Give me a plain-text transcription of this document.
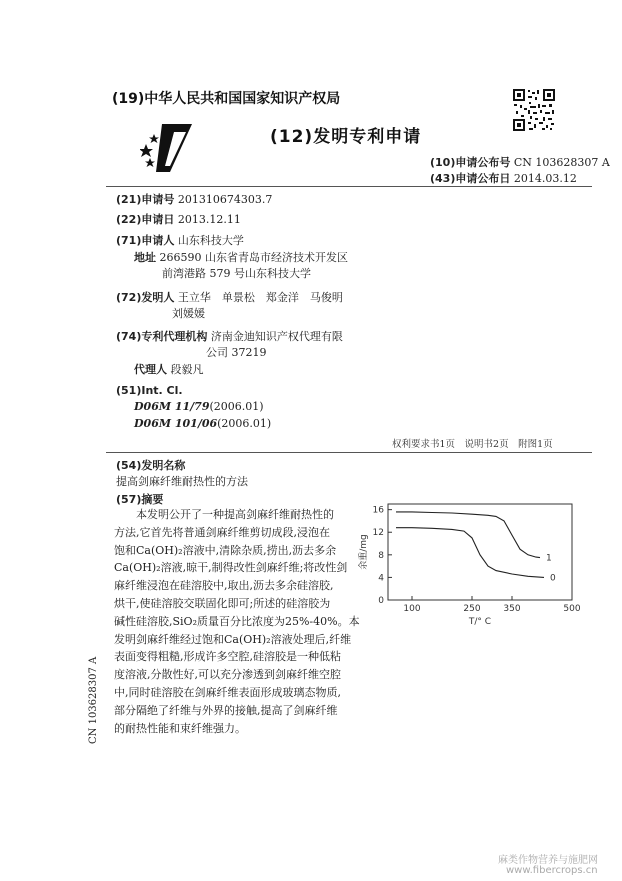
(19)中华人民共和国国家知识产权局
(12)发明专利申请
(10)申请公布号 CN 103628307 A
(43)申请公布日 2014.03.12
(21)申请号 201310674303.7
(22)申请日 2013.12.11
(71)申请人 山东科技大学
地址 266590 山东省青岛市经济技术开发区
前湾港路 579 号山东科技大学
(72)发明人 王立华　单景松　郑金洋　马俊明
刘媛媛
(74)专利代理机构 济南金迪知识产权代理有限
公司 37219
代理人 段毅凡
(51)Int. Cl.
D06M 11/79(2006.01)
D06M 101/06(2006.01)
权利要求书1页　说明书2页　附图1页
(54)发明名称
提高剑麻纤维耐热性的方法
(57)摘要

　　本发明公开了一种提高剑麻纤维耐热性的

方法,它首先将普通剑麻纤维剪切成段,浸泡在

饱和Ca(OH)₂溶液中,清除杂质,捞出,沥去多余

Ca(OH)₂溶液,晾干,制得改性剑麻纤维;将改性剑

麻纤维浸泡在硅溶胶中,取出,沥去多余硅溶胶,

烘干,使硅溶胶交联固化即可;所述的硅溶胶为

碱性硅溶胶,SiO₂质量百分比浓度为25%-40%。本

发明剑麻纤维经过饱和Ca(OH)₂溶液处理后,纤维

表面变得粗糙,形成许多空腔,硅溶胶是一种低粘

度溶液,分散性好,可以充分渗透到剑麻纤维空腔

中,同时硅溶胶在剑麻纤维表面形成玻璃态物质,

部分隔绝了纤维与外界的接触,提高了剑麻纤维

的耐热性能和束纤维强力。

0
4
8
12
16
100	250	350	500
T/° C
余重/mg	1
0
CN 103628307 A
麻类作物营养与施肥网
www.fibercrops.cn
